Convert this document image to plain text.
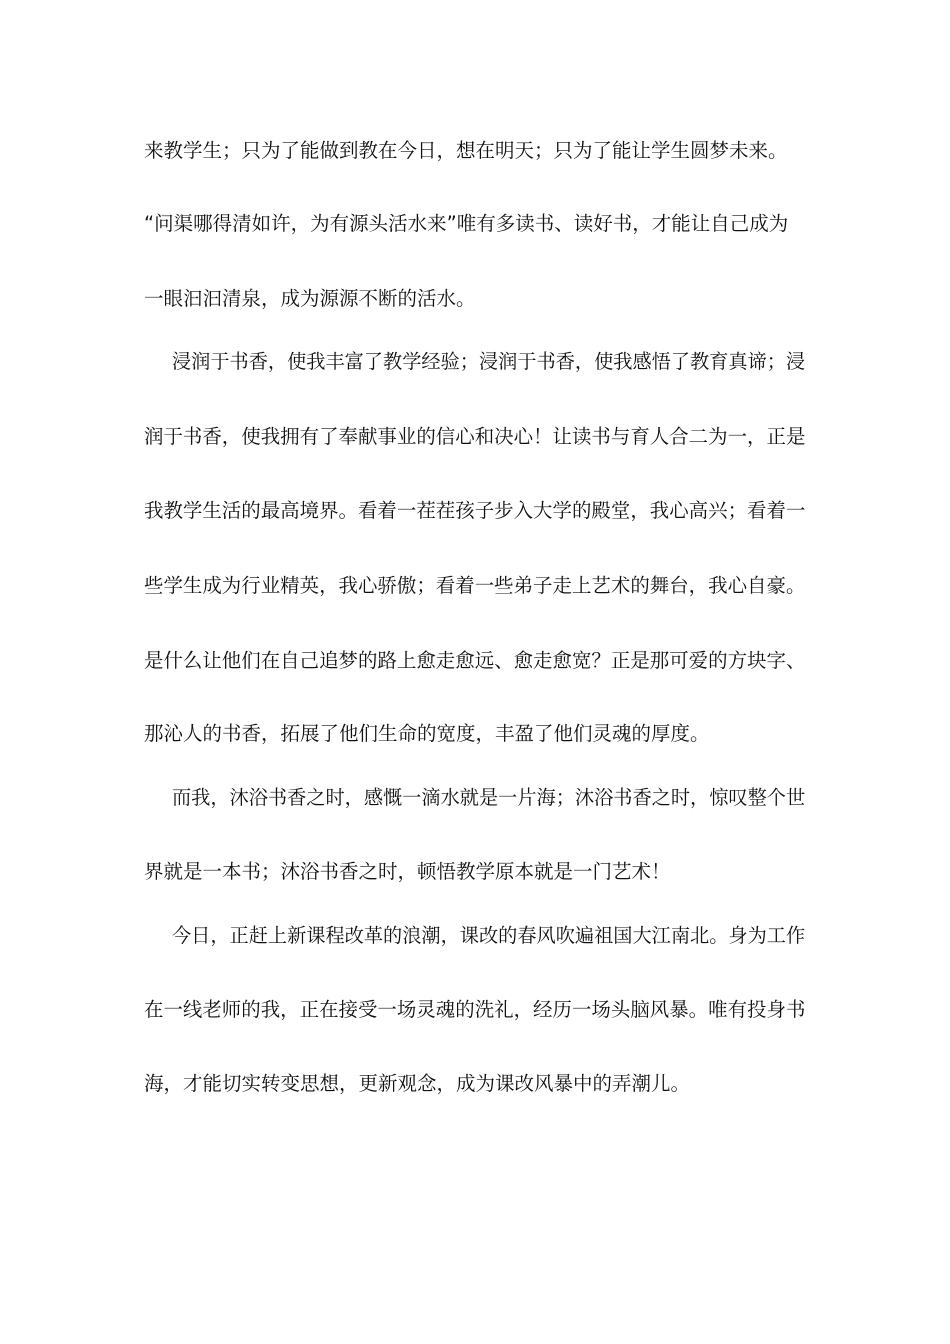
来教学生；只为了能做到教在今日，想在明天；只为了能让学生圆梦未来。
“问渠哪得清如许，为有源头活水来”唯有多读书、读好书，才能让自己成为
一眼汩汩清泉，成为源源不断的活水。
浸润于书香，使我丰富了教学经验；浸润于书香，使我感悟了教育真谛；浸
润于书香，使我拥有了奉献事业的信心和决心！让读书与育人合二为一，正是
我教学生活的最高境界。看着一茬茬孩子步入大学的殿堂，我心高兴；看着一
些学生成为行业精英，我心骄傲；看着一些弟子走上艺术的舞台，我心自豪。
是什么让他们在自己追梦的路上愈走愈远、愈走愈宽？正是那可爱的方块字、
那沁人的书香，拓展了他们生命的宽度，丰盈了他们灵魂的厚度。
而我，沐浴书香之时，感慨一滴水就是一片海；沐浴书香之时，惊叹整个世
界就是一本书；沐浴书香之时，顿悟教学原本就是一门艺术！
今日，正赶上新课程改革的浪潮，课改的春风吹遍祖国大江南北。身为工作
在一线老师的我，正在接受一场灵魂的洗礼，经历一场头脑风暴。唯有投身书
海，才能切实转变思想，更新观念，成为课改风暴中的弄潮儿。
